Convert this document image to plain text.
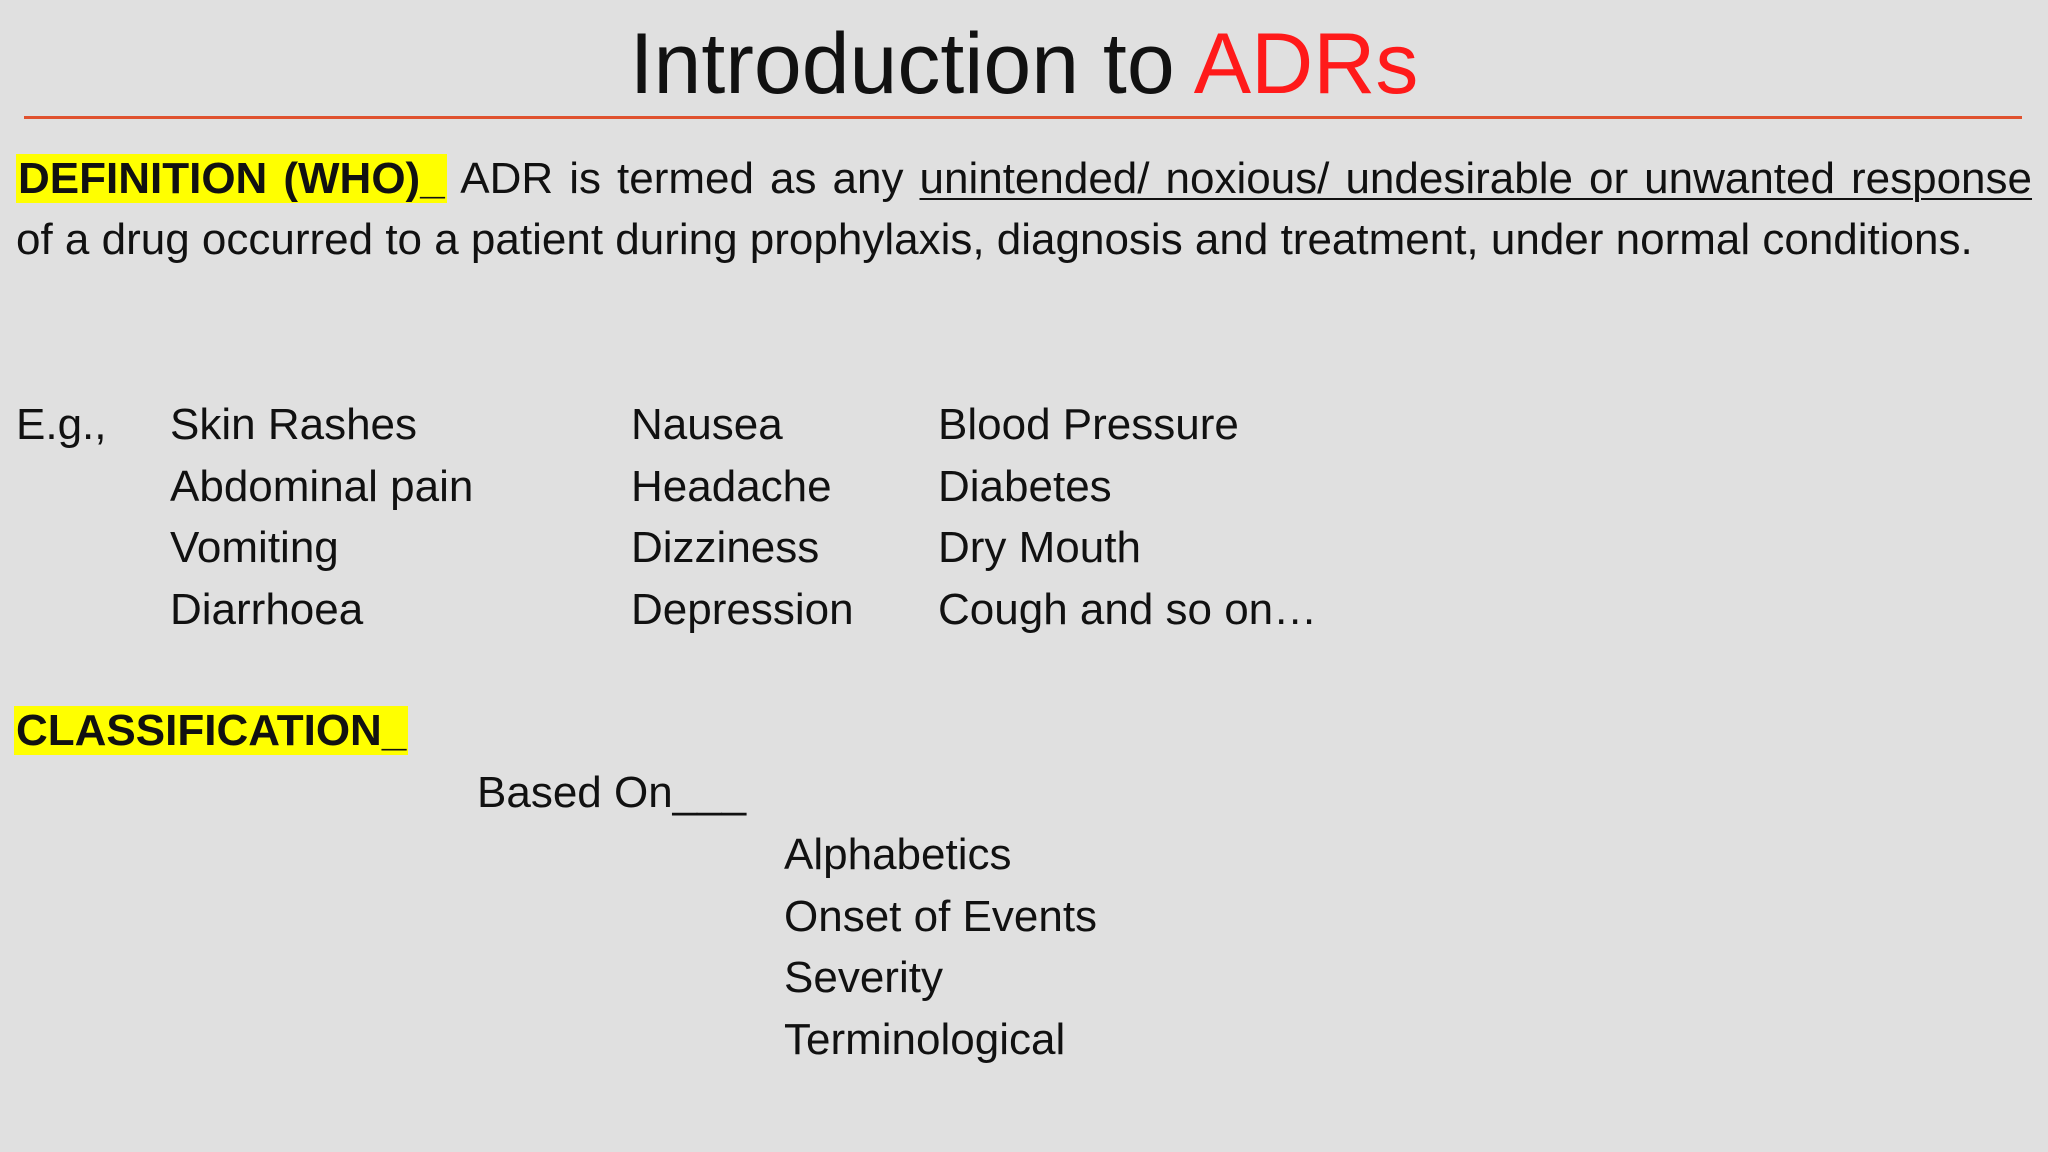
Introduction to ADRs
DEFINITION (WHO)_ ADR is termed as any unintended/ noxious/ undesirable or unwanted response of a drug occurred to a patient during prophylaxis, diagnosis and treatment, under normal conditions.
E.g., Skin Rashes
Abdominal pain
Vomiting
Diarrhoea
Nausea
Headache
Dizziness
Depression
Blood Pressure
Diabetes
Dry Mouth
Cough and so on…
CLASSIFICATION_
Based On___
Alphabetics
Onset of Events
Severity
Terminological
